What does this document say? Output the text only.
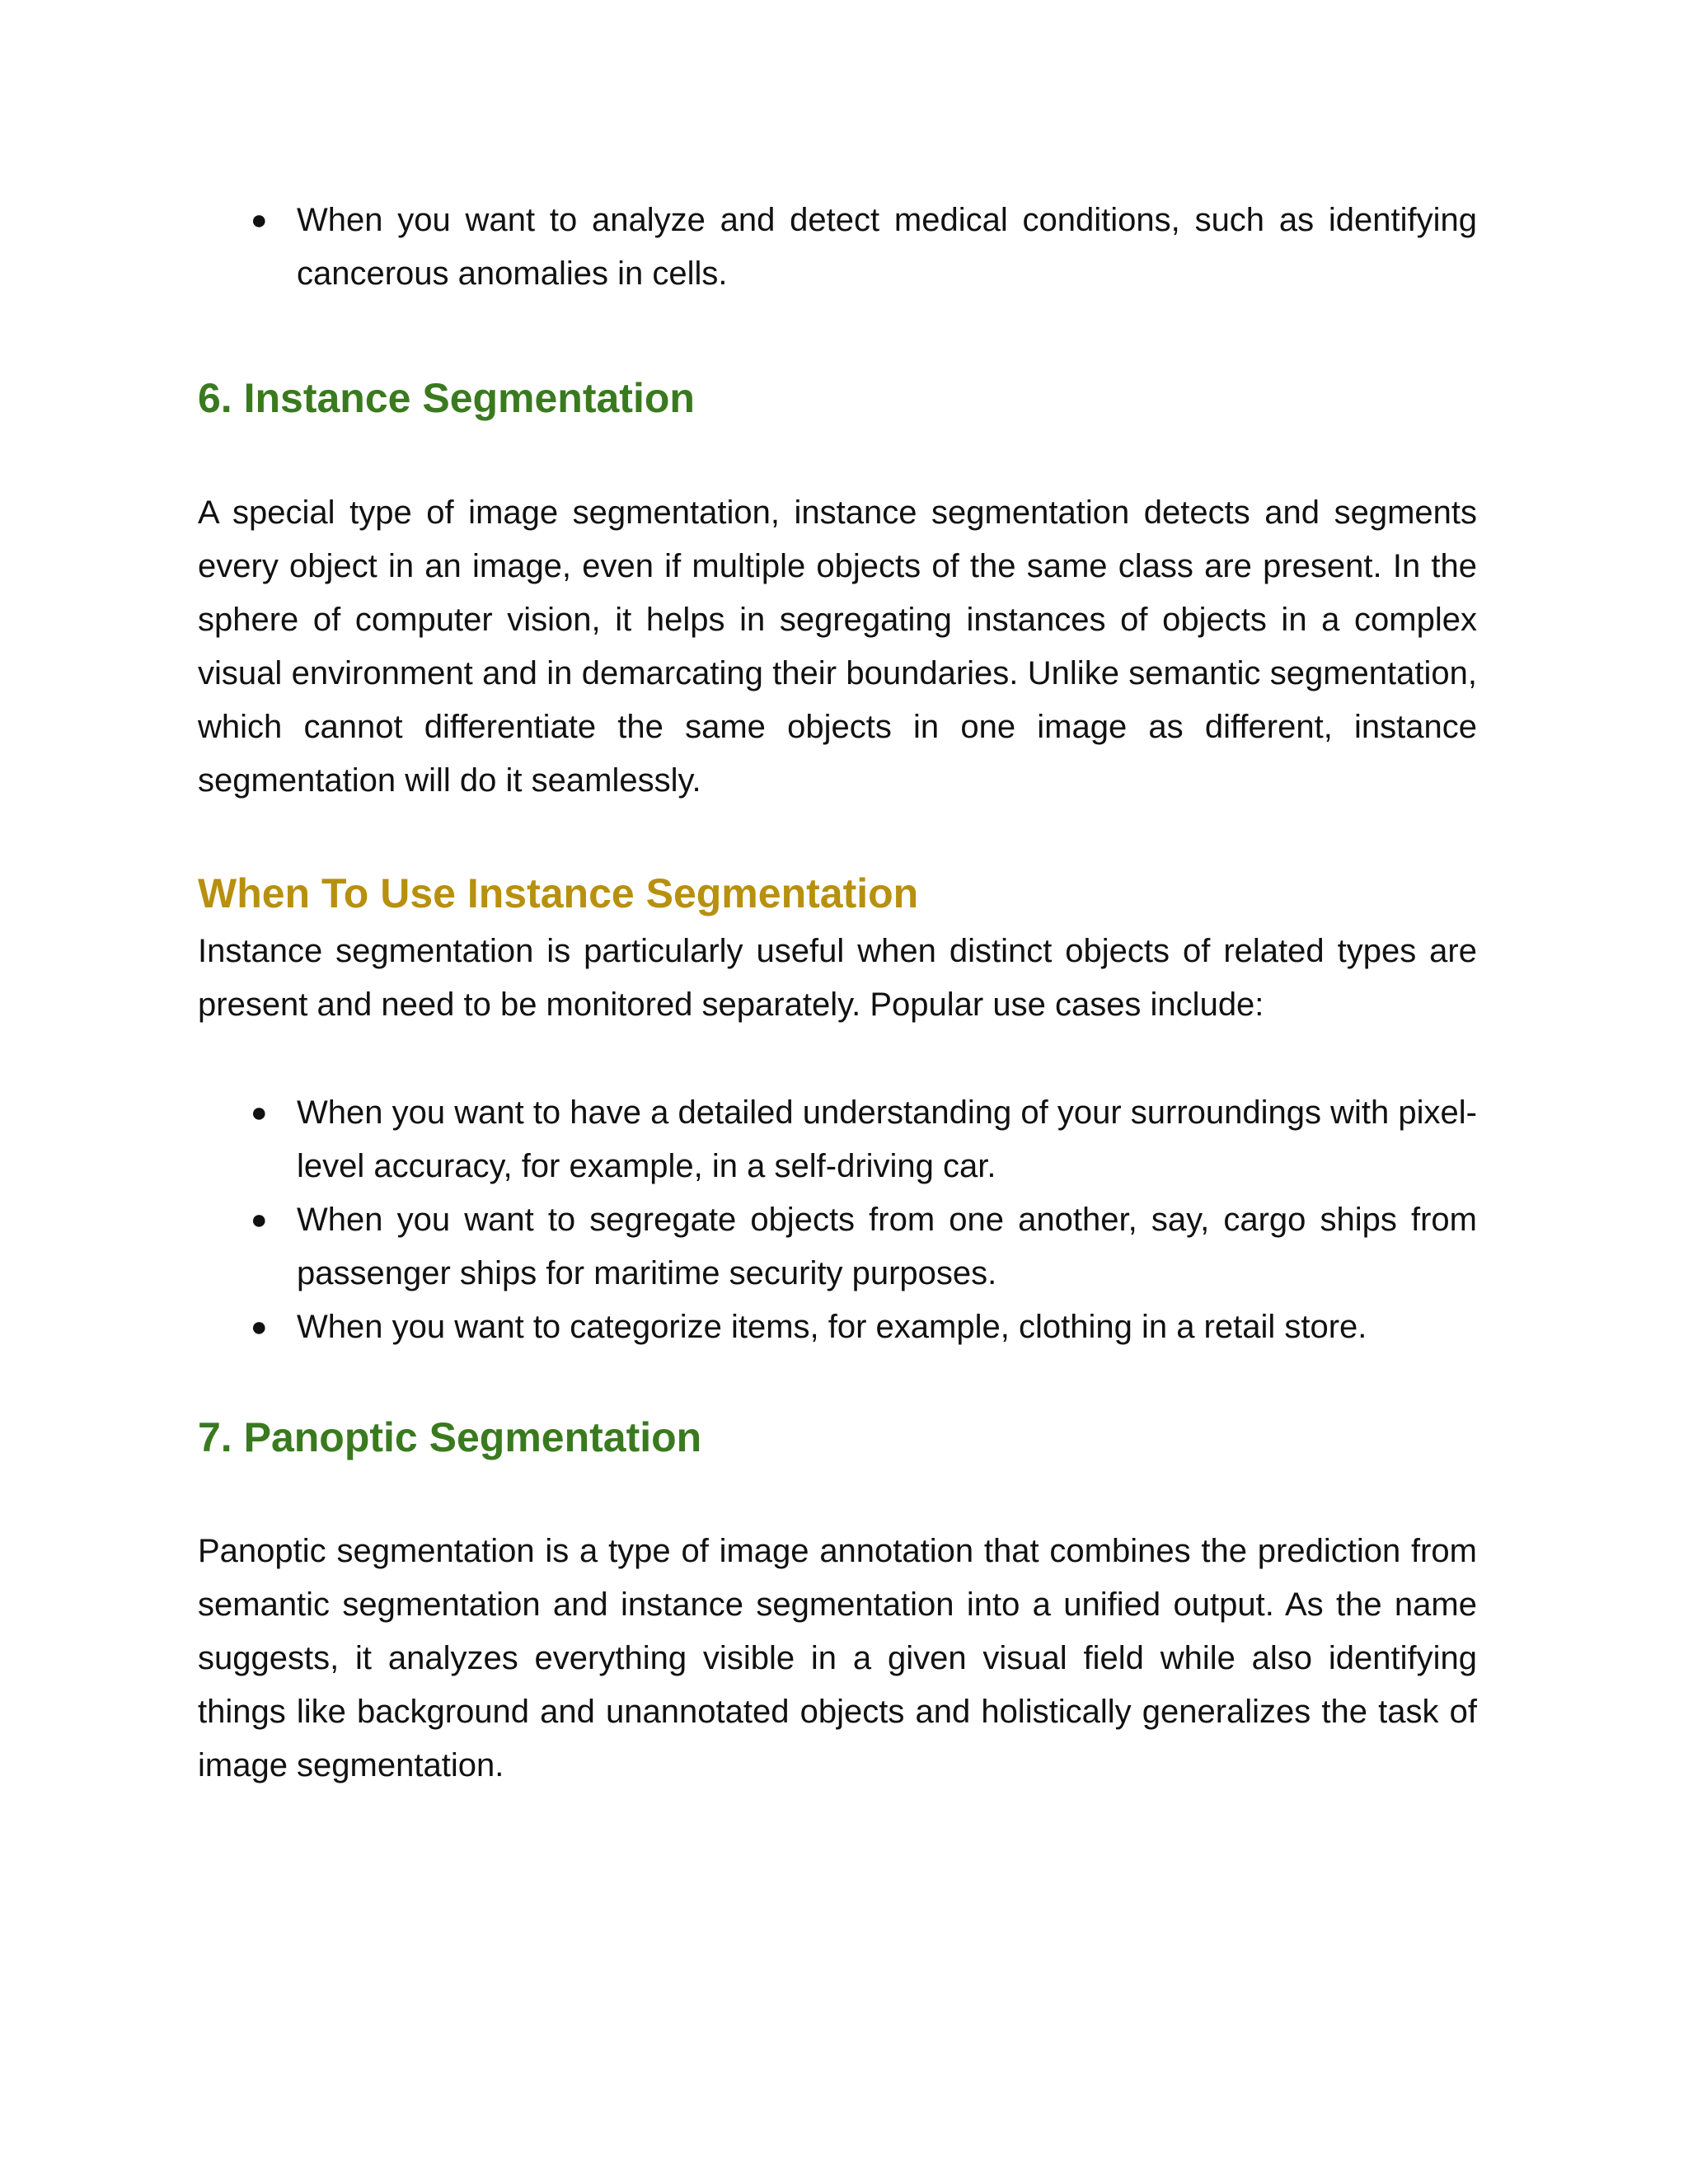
● When you want to analyze and detect medical conditions, such as identifying cancerous anomalies in cells.
6. Instance Segmentation

A special type of image segmentation, instance segmentation detects and segments every object in an image, even if multiple objects of the same class are present. In the sphere of computer vision, it helps in segregating instances of objects in a complex visual environment and in demarcating their boundaries. Unlike semantic segmentation, which cannot differentiate the same objects in one image as different, instance segmentation will do it seamlessly.

When To Use Instance Segmentation

Instance segmentation is particularly useful when distinct objects of related types are present and need to be monitored separately. Popular use cases include:

● When you want to have a detailed understanding of your surroundings with pixel-level accuracy, for example, in a self-driving car.
● When you want to segregate objects from one another, say, cargo ships from passenger ships for maritime security purposes.
● When you want to categorize items, for example, clothing in a retail store.
7. Panoptic Segmentation

Panoptic segmentation is a type of image annotation that combines the prediction from semantic segmentation and instance segmentation into a unified output. As the name suggests, it analyzes everything visible in a given visual field while also identifying things like background and unannotated objects and holistically generalizes the task of image segmentation.
